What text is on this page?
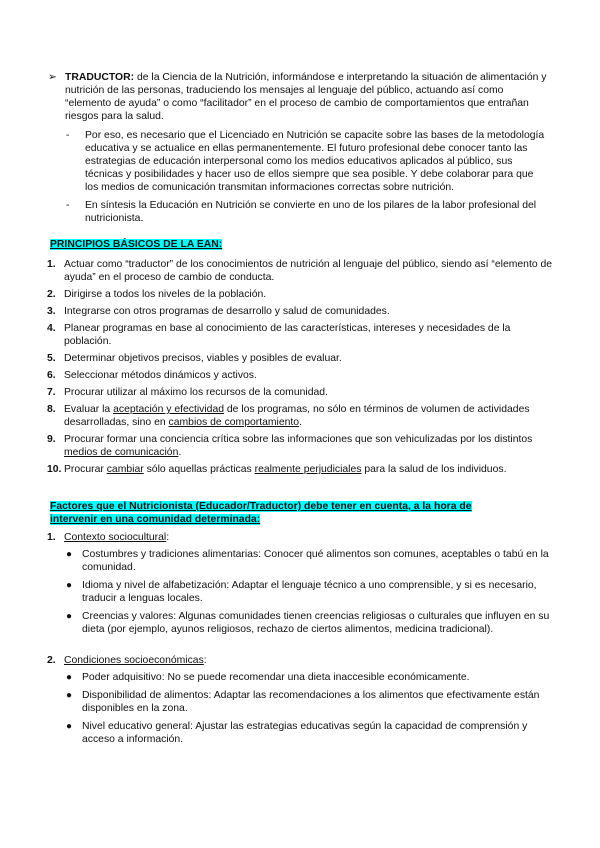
➢ TRADUCTOR: de la Ciencia de la Nutrición, informándose e interpretando la situación de alimentación y nutrición de las personas, traduciendo los mensajes al lenguaje del público, actuando así como “elemento de ayuda” o como “facilitador” en el proceso de cambio de comportamientos que entrañan riesgos para la salud.
- Por eso, es necesario que el Licenciado en Nutrición se capacite sobre las bases de la metodología educativa y se actualice en ellas permanentemente. El futuro profesional debe conocer tanto las estrategias de educación interpersonal como los medios educativos aplicados al público, sus técnicas y posibilidades y hacer uso de ellos siempre que sea posible. Y debe colaborar para que los medios de comunicación transmitan informaciones correctas sobre nutrición.
- En síntesis la Educación en Nutrición se convierte en uno de los pilares de la labor profesional del nutricionista.
PRINCIPIOS BÁSICOS DE LA EAN:
1. Actuar como “traductor” de los conocimientos de nutrición al lenguaje del público, siendo así “elemento de ayuda” en el proceso de cambio de conducta.
2. Dirigirse a todos los niveles de la población.
3. Integrarse con otros programas de desarrollo y salud de comunidades.
4. Planear programas en base al conocimiento de las características, intereses y necesidades de la población.
5. Determinar objetivos precisos, viables y posibles de evaluar.
6. Seleccionar métodos dinámicos y activos.
7. Procurar utilizar al máximo los recursos de la comunidad.
8. Evaluar la aceptación y efectividad de los programas, no sólo en términos de volumen de actividades desarrolladas, sino en cambios de comportamiento.
9. Procurar formar una conciencia crítica sobre las informaciones que son vehiculizadas por los distintos medios de comunicación.
10. Procurar cambiar sólo aquellas prácticas realmente perjudiciales para la salud de los individuos.
Factores que el Nutricionista (Educador/Traductor) debe tener en cuenta, a la hora de
intervenir en una comunidad determinada:
1. Contexto sociocultural:
● Costumbres y tradiciones alimentarias: Conocer qué alimentos son comunes, aceptables o tabú en la comunidad.
● Idioma y nivel de alfabetización: Adaptar el lenguaje técnico a uno comprensible, y si es necesario, traducir a lenguas locales.
● Creencias y valores: Algunas comunidades tienen creencias religiosas o culturales que influyen en su dieta (por ejemplo, ayunos religiosos, rechazo de ciertos alimentos, medicina tradicional).
2. Condiciones socioeconómicas:
● Poder adquisitivo: No se puede recomendar una dieta inaccesible económicamente.
● Disponibilidad de alimentos: Adaptar las recomendaciones a los alimentos que efectivamente están disponibles en la zona.
● Nivel educativo general: Ajustar las estrategias educativas según la capacidad de comprensión y acceso a información.
